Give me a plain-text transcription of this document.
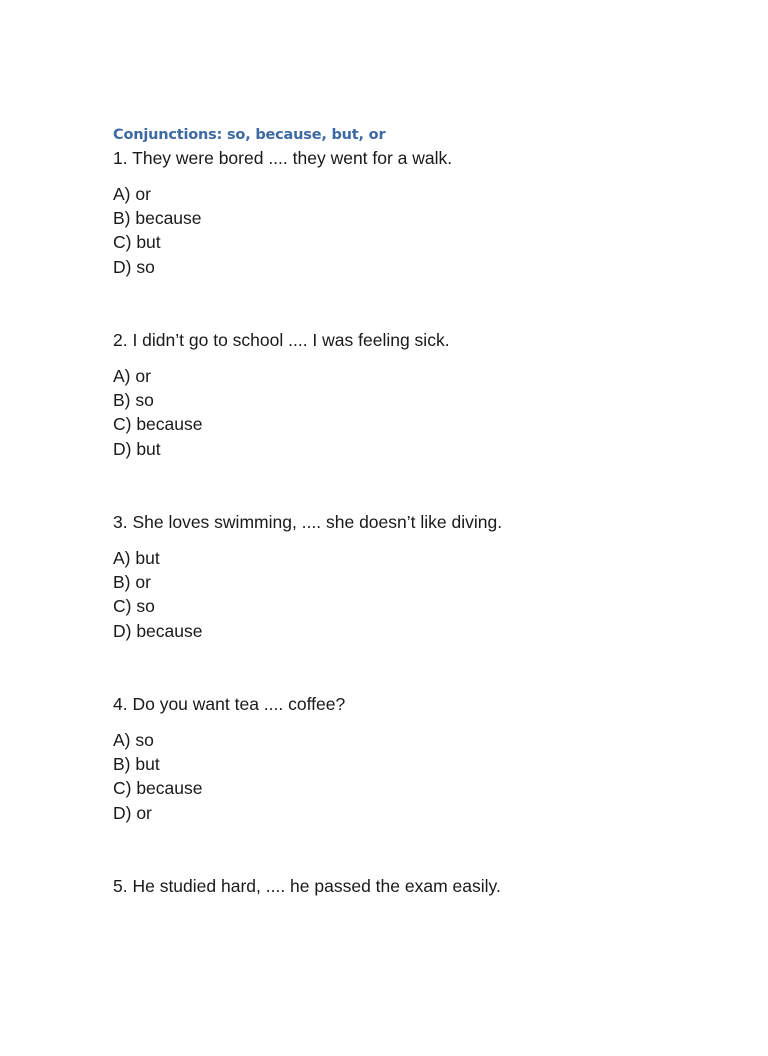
Conjunctions: so, because, but, or
1. They were bored .... they went for a walk.
A) or
B) because
C) but
D) so
2. I didn’t go to school .... I was feeling sick.
A) or
B) so
C) because
D) but
3. She loves swimming, .... she doesn’t like diving.
A) but
B) or
C) so
D) because
4. Do you want tea .... coffee?
A) so
B) but
C) because
D) or
5. He studied hard, .... he passed the exam easily.
